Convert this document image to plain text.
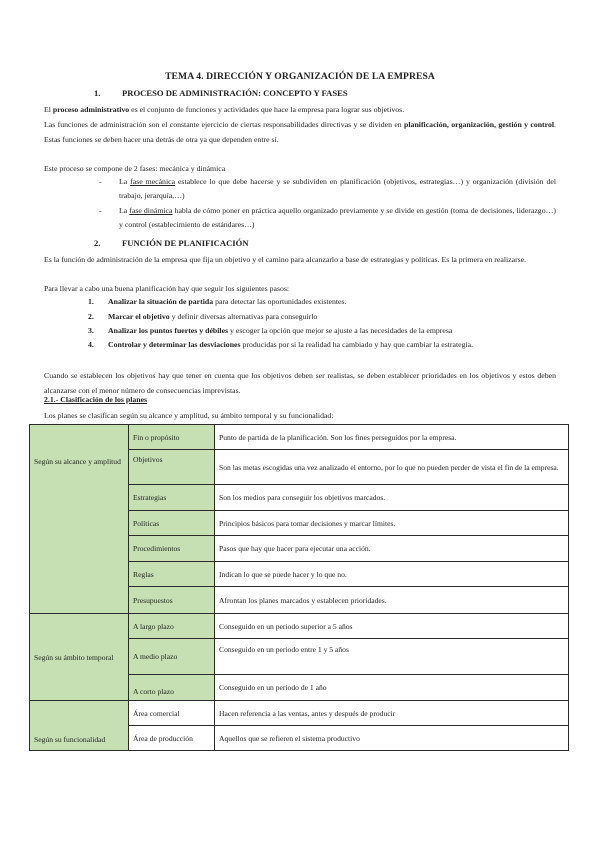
TEMA 4. DIRECCIÓN Y ORGANIZACIÓN DE LA EMPRESA
1.	PROCESO DE ADMINISTRACIÓN: CONCEPTO Y FASES
El proceso administrativo es el conjunto de funciones y actividades que hace la empresa para lograr sus objetivos.
Las funciones de administración son el constante ejercicio de ciertas responsabilidades directivas y se dividen en planificación, organización, gestión y control. Estas funciones se deben hacer una detrás de otra ya que dependen entre sí.
Este proceso se compone de 2 fases: mecánica y dinámica
- La fase mecánica establece lo que debe hacerse y se subdividen en planificación (objetivos, estrategias…) y organización (división del trabajo, jerarquía,…)
- La fase dinámica habla de cómo poner en práctica aquello organizado previamente y se divide en gestión (toma de decisiones, liderazgo…) y control (establecimiento de estándares…)
2.	FUNCIÓN DE PLANIFICACIÓN
Es la función de administración de la empresa que fija un objetivo y el camino para alcanzarlo a base de estrategias y políticas. Es la primera en realizarse.
Para llevar a cabo una buena planificación hay que seguir los siguientes pasos:
1. Analizar la situación de partida para detectar las oportunidades existentes.
2. Marcar el objetivo y definir diversas alternativas para conseguirlo
3. Analizar los puntos fuertes y débiles y escoger la opción que mejor se ajuste a las necesidades de la empresa
4. Controlar y determinar las desviaciones producidas por si la realidad ha cambiado y hay que cambiar la estrategia.
Cuando se establecen los objetivos hay que tener en cuenta que los objetivos deben ser realistas, se deben establecer prioridades en los objetivos y estos deben alcanzarse con el menor número de consecuencias imprevistas.
2.1.- Clasificación de los planes
Los planes se clasifican según su alcance y amplitud, su ámbito temporal y su funcionalidad:
Según su alcance y amplitud	Fin o propósito	Punto de partida de la planificación. Son los fines perseguidos por la empresa.
	Objetivos	Son las metas escogidas una vez analizado el entorno, por lo que no pueden perder de vista el fin de la empresa.
	Estrategias	Son los medios para conseguir los objetivos marcados.
	Políticas	Principios básicos para tomar decisiones y marcar límites.
	Procedimientos	Pasos que hay que hacer para ejecutar una acción.
	Reglas	Indican lo que se puede hacer y lo que no.
	Presupuestos	Afrontan los planes marcados y establecen prioridades.
Según su ámbito temporal	A largo plazo	Conseguido en un periodo superior a 5 años
	A medio plazo	Conseguido en un periodo entre 1 y 5 años
	A corto plazo	Conseguido en un periodo de 1 año
Según su funcionalidad	Área comercial	Hacen referencia a las ventas, antes y después de producir
	Área de producción	Aquellos que se refieren el sistema productivo
